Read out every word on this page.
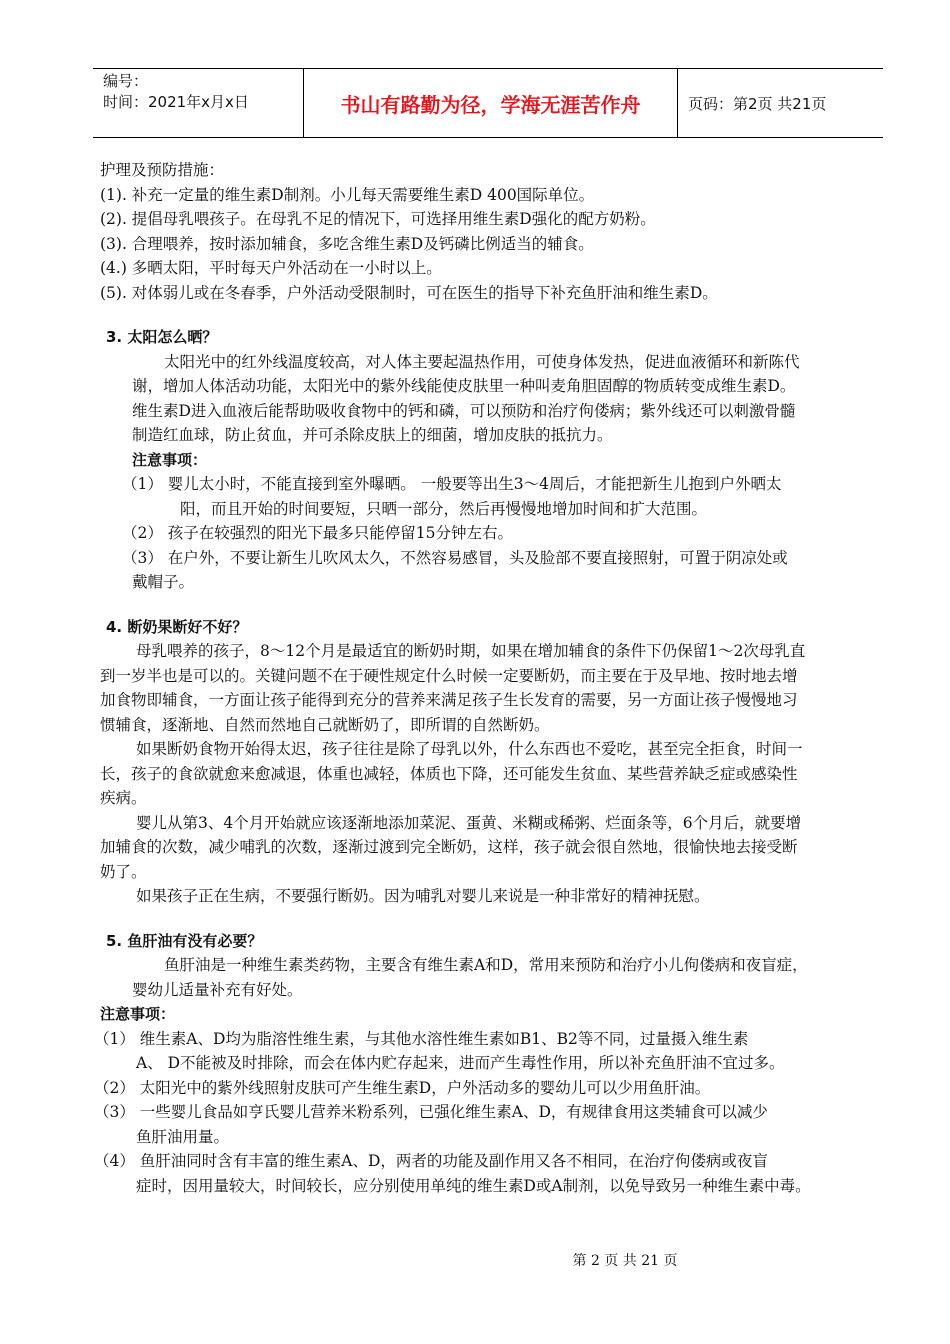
编号：
时间：2021年x月x日	书山有路勤为径，学海无涯苦作舟	页码：第2页 共21页
护理及预防措施：
(1). 补充一定量的维生素D制剂。小儿每天需要维生素D 400国际单位。
(2). 提倡母乳喂孩子。在母乳不足的情况下，可选择用维生素D强化的配方奶粉。
(3). 合理喂养，按时添加辅食，多吃含维生素D及钙磷比例适当的辅食。
(4.) 多晒太阳，平时每天户外活动在一小时以上。
(5). 对体弱儿或在冬春季，户外活动受限制时，可在医生的指导下补充鱼肝油和维生素D。
3. 太阳怎么晒？
太阳光中的红外线温度较高，对人体主要起温热作用，可使身体发热，促进血液循环和新陈代
谢，增加人体活动功能，太阳光中的紫外线能使皮肤里一种叫麦角胆固醇的物质转变成维生素D。
维生素D进入血液后能帮助吸收食物中的钙和磷，可以预防和治疗佝偻病；紫外线还可以刺激骨髓
制造红血球，防止贫血，并可杀除皮肤上的细菌，增加皮肤的抵抗力。
注意事项：
（1） 婴儿太小时，不能直接到室外曝晒。 一般要等出生3～4周后，才能把新生儿抱到户外晒太
阳，而且开始的时间要短，只晒一部分，然后再慢慢地增加时间和扩大范围。
（2） 孩子在较强烈的阳光下最多只能停留15分钟左右。
（3） 在户外，不要让新生儿吹风太久，不然容易感冒，头及脸部不要直接照射，可置于阴凉处或
戴帽子。
4. 断奶果断好不好？
母乳喂养的孩子，8～12个月是最适宜的断奶时期，如果在增加辅食的条件下仍保留1～2次母乳直
到一岁半也是可以的。关键问题不在于硬性规定什么时候一定要断奶，而主要在于及早地、按时地去增
加食物即辅食，一方面让孩子能得到充分的营养来满足孩子生长发育的需要，另一方面让孩子慢慢地习
惯辅食，逐渐地、自然而然地自己就断奶了，即所谓的自然断奶。
如果断奶食物开始得太迟，孩子往往是除了母乳以外，什么东西也不爱吃，甚至完全拒食，时间一
长，孩子的食欲就愈来愈减退，体重也减轻，体质也下降，还可能发生贫血、某些营养缺乏症或感染性
疾病。
婴儿从第3、4个月开始就应该逐渐地添加菜泥、蛋黄、米糊或稀粥、烂面条等，6个月后，就要增
加辅食的次数，减少哺乳的次数，逐渐过渡到完全断奶，这样，孩子就会很自然地，很愉快地去接受断
奶了。
如果孩子正在生病，不要强行断奶。因为哺乳对婴儿来说是一种非常好的精神抚慰。
5. 鱼肝油有没有必要？
鱼肝油是一种维生素类药物，主要含有维生素A和D，常用来预防和治疗小儿佝偻病和夜盲症，
婴幼儿适量补充有好处。
注意事项：
（1） 维生素A、D均为脂溶性维生素，与其他水溶性维生素如B1、B2等不同，过量摄入维生素
A、 D不能被及时排除，而会在体内贮存起来，进而产生毒性作用，所以补充鱼肝油不宜过多。
（2） 太阳光中的紫外线照射皮肤可产生维生素D，户外活动多的婴幼儿可以少用鱼肝油。
（3） 一些婴儿食品如亨氏婴儿营养米粉系列，已强化维生素A、D，有规律食用这类辅食可以减少
鱼肝油用量。
（4） 鱼肝油同时含有丰富的维生素A、D，两者的功能及副作用又各不相同，在治疗佝偻病或夜盲
症时，因用量较大，时间较长，应分别使用单纯的维生素D或A制剂，以免导致另一种维生素中毒。
第 2 页 共 21 页
